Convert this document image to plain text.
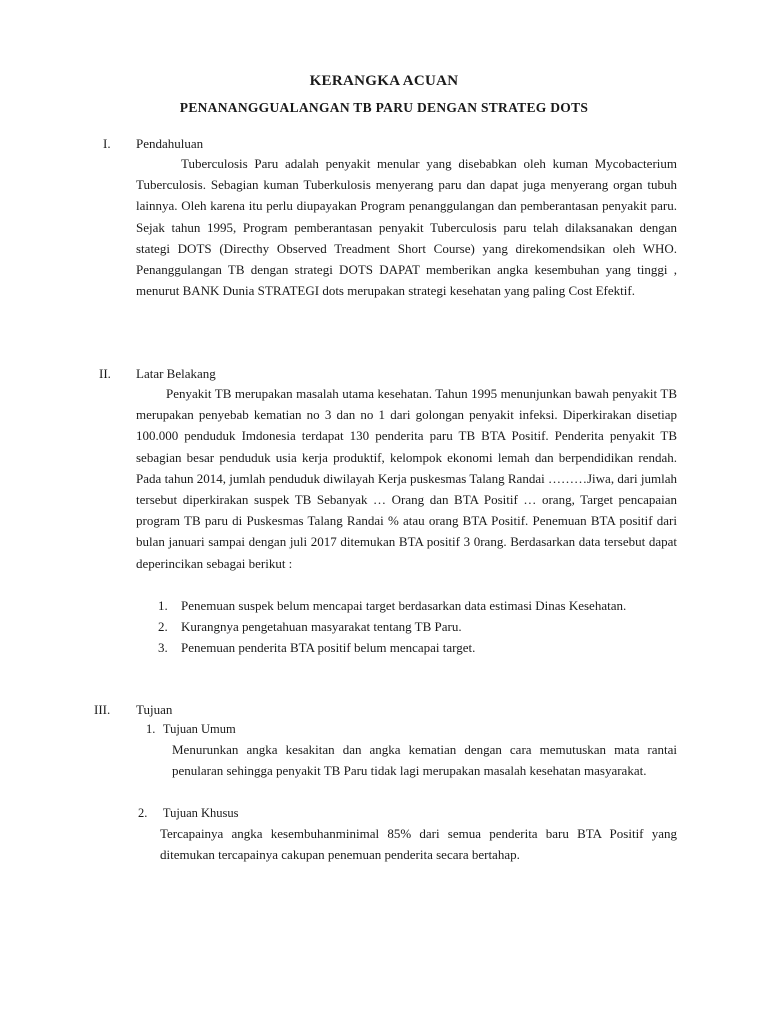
KERANGKA ACUAN
PENANANGGUALANGAN TB PARU DENGAN STRATEG DOTS
I. Pendahuluan
Tuberculosis Paru adalah penyakit menular yang disebabkan oleh kuman Mycobacterium Tuberculosis. Sebagian kuman Tuberkulosis menyerang paru dan dapat juga menyerang organ tubuh lainnya. Oleh karena itu perlu diupayakan Program penanggulangan dan pemberantasan penyakit paru. Sejak tahun 1995, Program pemberantasan penyakit Tuberculosis paru telah dilaksanakan dengan stategi DOTS (Directhy Observed Treadment Short Course) yang direkomendsikan oleh WHO. Penanggulangan TB dengan strategi DOTS DAPAT memberikan angka kesembuhan yang tinggi , menurut BANK Dunia STRATEGI dots merupakan strategi kesehatan yang paling Cost Efektif.
II. Latar Belakang
Penyakit TB merupakan masalah utama kesehatan. Tahun 1995 menunjunkan bawah penyakit TB merupakan penyebab kematian no 3 dan no 1 dari golongan penyakit infeksi. Diperkirakan disetiap 100.000 penduduk Imdonesia terdapat 130 penderita paru TB BTA Positif. Penderita penyakit TB sebagian besar penduduk usia kerja produktif, kelompok ekonomi lemah dan berpendidikan rendah. Pada tahun 2014, jumlah penduduk diwilayah Kerja puskesmas Talang Randai ………Jiwa, dari jumlah tersebut diperkirakan suspek TB Sebanyak … Orang dan BTA Positif … orang, Target pencapaian program TB paru di Puskesmas Talang Randai % atau orang BTA Positif. Penemuan BTA positif dari bulan januari sampai dengan juli 2017 ditemukan BTA positif 3 0rang. Berdasarkan data tersebut dapat deperincikan sebagai berikut :
1. Penemuan suspek belum mencapai target berdasarkan data estimasi Dinas Kesehatan.
2. Kurangnya pengetahuan masyarakat tentang TB Paru.
3. Penemuan penderita BTA positif belum mencapai target.
III. Tujuan
1. Tujuan Umum
Menurunkan angka kesakitan dan angka kematian dengan cara memutuskan mata rantai penularan sehingga penyakit TB Paru tidak lagi merupakan masalah kesehatan masyarakat.
2. Tujuan Khusus
Tercapainya angka kesembuhanminimal 85% dari semua penderita baru BTA Positif yang ditemukan tercapainya cakupan penemuan penderita secara bertahap.
